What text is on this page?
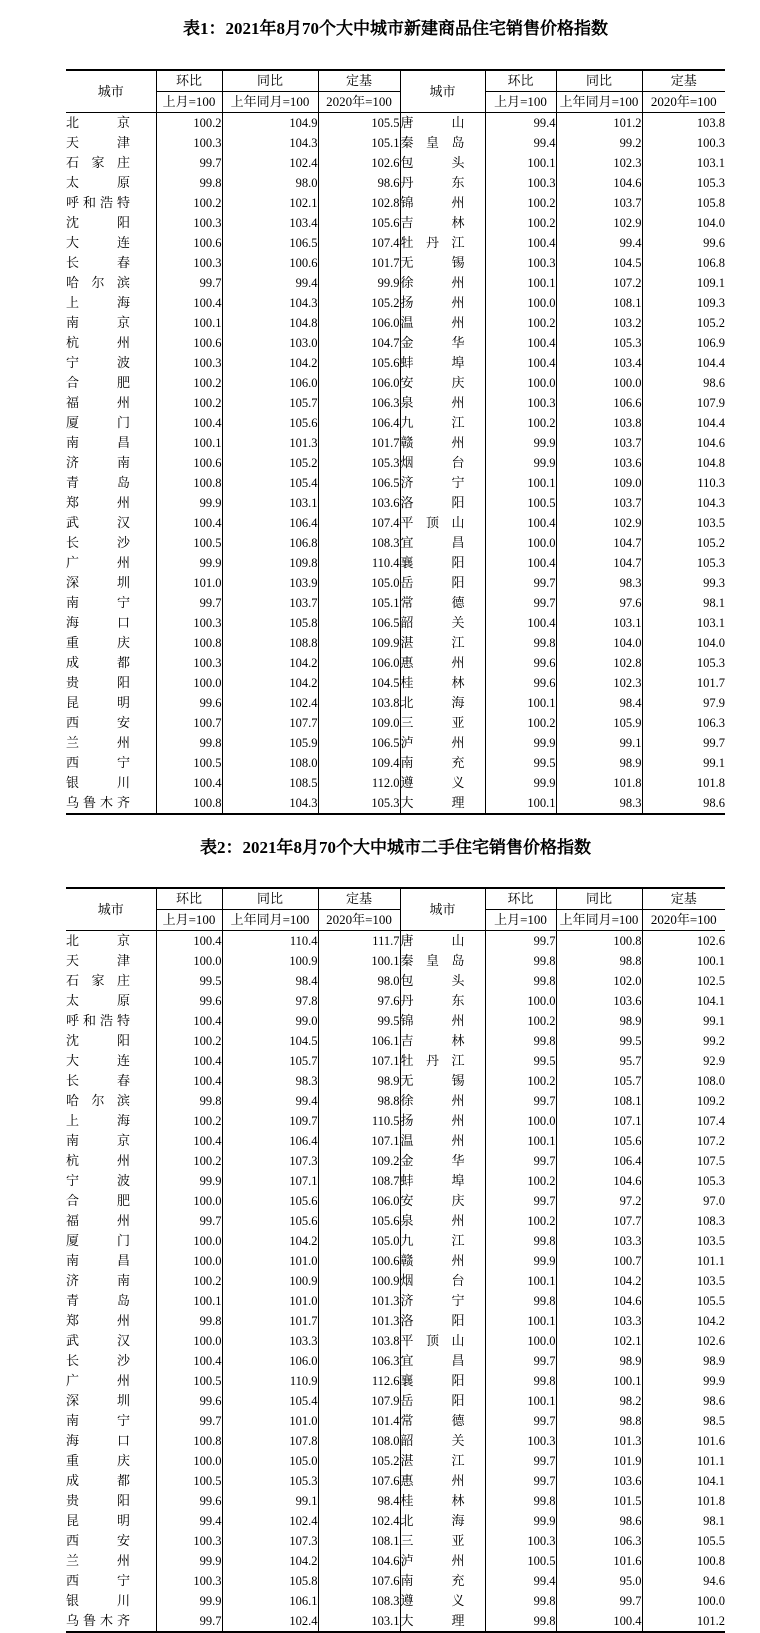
表1：2021年8月70个大中城市新建商品住宅销售价格指数
城市	环比	同比	定基	城市	环比	同比	定基
	上月=100	上年同月=100	2020年=100		上月=100	上年同月=100	2020年=100
北京	100.2	104.9	105.5	唐山	99.4	101.2	103.8
天津	100.3	104.3	105.1	秦皇岛	99.4	99.2	100.3
石家庄	99.7	102.4	102.6	包头	100.1	102.3	103.1
太原	99.8	98.0	98.6	丹东	100.3	104.6	105.3
呼和浩特	100.2	102.1	102.8	锦州	100.2	103.7	105.8
沈阳	100.3	103.4	105.6	吉林	100.2	102.9	104.0
大连	100.6	106.5	107.4	牡丹江	100.4	99.4	99.6
长春	100.3	100.6	101.7	无锡	100.3	104.5	106.8
哈尔滨	99.7	99.4	99.9	徐州	100.1	107.2	109.1
上海	100.4	104.3	105.2	扬州	100.0	108.1	109.3
南京	100.1	104.8	106.0	温州	100.2	103.2	105.2
杭州	100.6	103.0	104.7	金华	100.4	105.3	106.9
宁波	100.3	104.2	105.6	蚌埠	100.4	103.4	104.4
合肥	100.2	106.0	106.0	安庆	100.0	100.0	98.6
福州	100.2	105.7	106.3	泉州	100.3	106.6	107.9
厦门	100.4	105.6	106.4	九江	100.2	103.8	104.4
南昌	100.1	101.3	101.7	赣州	99.9	103.7	104.6
济南	100.6	105.2	105.3	烟台	99.9	103.6	104.8
青岛	100.8	105.4	106.5	济宁	100.1	109.0	110.3
郑州	99.9	103.1	103.6	洛阳	100.5	103.7	104.3
武汉	100.4	106.4	107.4	平顶山	100.4	102.9	103.5
长沙	100.5	106.8	108.3	宜昌	100.0	104.7	105.2
广州	99.9	109.8	110.4	襄阳	100.4	104.7	105.3
深圳	101.0	103.9	105.0	岳阳	99.7	98.3	99.3
南宁	99.7	103.7	105.1	常德	99.7	97.6	98.1
海口	100.3	105.8	106.5	韶关	100.4	103.1	103.1
重庆	100.8	108.8	109.9	湛江	99.8	104.0	104.0
成都	100.3	104.2	106.0	惠州	99.6	102.8	105.3
贵阳	100.0	104.2	104.5	桂林	99.6	102.3	101.7
昆明	99.6	102.4	103.8	北海	100.1	98.4	97.9
西安	100.7	107.7	109.0	三亚	100.2	105.9	106.3
兰州	99.8	105.9	106.5	泸州	99.9	99.1	99.7
西宁	100.5	108.0	109.4	南充	99.5	98.9	99.1
银川	100.4	108.5	112.0	遵义	99.9	101.8	101.8
乌鲁木齐	100.8	104.3	105.3	大理	100.1	98.3	98.6
表2：2021年8月70个大中城市二手住宅销售价格指数
城市	环比	同比	定基	城市	环比	同比	定基
	上月=100	上年同月=100	2020年=100		上月=100	上年同月=100	2020年=100
北京	100.4	110.4	111.7	唐山	99.7	100.8	102.6
天津	100.0	100.9	100.1	秦皇岛	99.8	98.8	100.1
石家庄	99.5	98.4	98.0	包头	99.8	102.0	102.5
太原	99.6	97.8	97.6	丹东	100.0	103.6	104.1
呼和浩特	100.4	99.0	99.5	锦州	100.2	98.9	99.1
沈阳	100.2	104.5	106.1	吉林	99.8	99.5	99.2
大连	100.4	105.7	107.1	牡丹江	99.5	95.7	92.9
长春	100.4	98.3	98.9	无锡	100.2	105.7	108.0
哈尔滨	99.8	99.4	98.8	徐州	99.7	108.1	109.2
上海	100.2	109.7	110.5	扬州	100.0	107.1	107.4
南京	100.4	106.4	107.1	温州	100.1	105.6	107.2
杭州	100.2	107.3	109.2	金华	99.7	106.4	107.5
宁波	99.9	107.1	108.7	蚌埠	100.2	104.6	105.3
合肥	100.0	105.6	106.0	安庆	99.7	97.2	97.0
福州	99.7	105.6	105.6	泉州	100.2	107.7	108.3
厦门	100.0	104.2	105.0	九江	99.8	103.3	103.5
南昌	100.0	101.0	100.6	赣州	99.9	100.7	101.1
济南	100.2	100.9	100.9	烟台	100.1	104.2	103.5
青岛	100.1	101.0	101.3	济宁	99.8	104.6	105.5
郑州	99.8	101.7	101.3	洛阳	100.1	103.3	104.2
武汉	100.0	103.3	103.8	平顶山	100.0	102.1	102.6
长沙	100.4	106.0	106.3	宜昌	99.7	98.9	98.9
广州	100.5	110.9	112.6	襄阳	99.8	100.1	99.9
深圳	99.6	105.4	107.9	岳阳	100.1	98.2	98.6
南宁	99.7	101.0	101.4	常德	99.7	98.8	98.5
海口	100.8	107.8	108.0	韶关	100.3	101.3	101.6
重庆	100.0	105.0	105.2	湛江	99.7	101.9	101.1
成都	100.5	105.3	107.6	惠州	99.7	103.6	104.1
贵阳	99.6	99.1	98.4	桂林	99.8	101.5	101.8
昆明	99.4	102.4	102.4	北海	99.9	98.6	98.1
西安	100.3	107.3	108.1	三亚	100.3	106.3	105.5
兰州	99.9	104.2	104.6	泸州	100.5	101.6	100.8
西宁	100.3	105.8	107.6	南充	99.4	95.0	94.6
银川	99.9	106.1	108.3	遵义	99.8	99.7	100.0
乌鲁木齐	99.7	102.4	103.1	大理	99.8	100.4	101.2
